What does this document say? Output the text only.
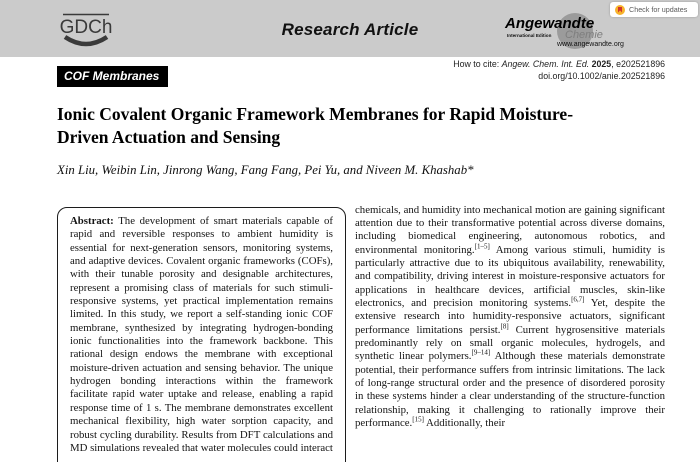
GDCh	Research Article	Angewandte
International Edition Chemie
www.angewandte.org
Check for updates
How to cite: Angew. Chem. Int. Ed. 2025, e202521896
doi.org/10.1002/anie.202521896
COF Membranes
Ionic Covalent Organic Framework Membranes for Rapid Moisture-Driven Actuation and Sensing
Xin Liu, Weibin Lin, Jinrong Wang, Fang Fang, Pei Yu, and Niveen M. Khashab*
Abstract: The development of smart materials capable of rapid and reversible responses to ambient humidity is essential for next-generation sensors, monitoring systems, and adaptive devices. Covalent organic frameworks (COFs), with their tunable porosity and designable architectures, represent a promising class of materials for such stimuli-responsive systems, yet practical implementation remains limited. In this study, we report a self-standing ionic COF membrane, synthesized by integrating hydrogen-bonding ionic functionalities into the framework backbone. This rational design endows the membrane with exceptional moisture-driven actuation and sensing behavior. The unique hydrogen bonding interactions within the framework facilitate rapid water uptake and release, enabling a rapid response time of 1 s. The membrane demonstrates excellent mechanical flexibility, high water sorption capacity, and robust cycling durability. Results from DFT calculations and MD simulations revealed that water molecules could interact
chemicals, and humidity into mechanical motion are gaining significant attention due to their transformative potential across diverse domains, including biomedical engineering, autonomous robotics, and environmental monitoring.[1–5] Among various stimuli, humidity is particularly attractive due to its ubiquitous availability, renewability, and compatibility, driving interest in moisture-responsive actuators for applications in healthcare devices, artificial muscles, skin-like electronics, and precision monitoring systems.[6,7] Yet, despite the extensive research into humidity-responsive actuators, significant performance limitations persist.[8] Current hygrosensitive materials predominantly rely on small organic molecules, hydrogels, and synthetic linear polymers.[9–14] Although these materials demonstrate potential, their performance suffers from intrinsic limitations. The lack of long-range structural order and the presence of disordered porosity in these systems hinder a clear understanding of the structure-function relationship, making it challenging to rationally improve their performance.[15] Additionally, their
